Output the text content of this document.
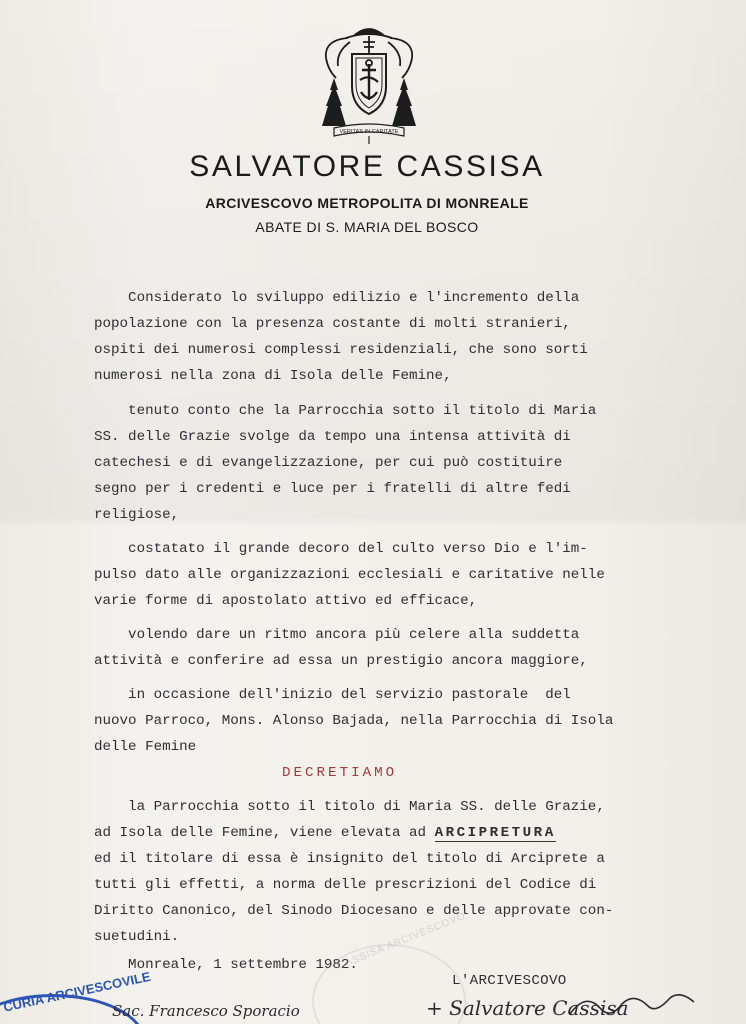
VERITAS IN CARITATE
SALVATORE CASSISA
ARCIVESCOVO METROPOLITA DI MONREALE
ABATE DI S. MARIA DEL BOSCO
Considerato lo sviluppo edilizio e l'incremento della
popolazione con la presenza costante di molti stranieri,
ospiti dei numerosi complessi residenziali, che sono sorti
numerosi nella zona di Isola delle Femine,
tenuto conto che la Parrocchia sotto il titolo di Maria
SS. delle Grazie svolge da tempo una intensa attività di
catechesi e di evangelizzazione, per cui può costituire
segno per i credenti e luce per i fratelli di altre fedi
religiose,
costatato il grande decoro del culto verso Dio e l'im-
pulso dato alle organizzazioni ecclesiali e caritative nelle
varie forme di apostolato attivo ed efficace,
volendo dare un ritmo ancora più celere alla suddetta
attività e conferire ad essa un prestigio ancora maggiore,
in occasione dell'inizio del servizio pastorale  del
nuovo Parroco, Mons. Alonso Bajada, nella Parrocchia di Isola
delle Femine
DECRETIAMO
la Parrocchia sotto il titolo di Maria SS. delle Grazie,
ad Isola delle Femine, viene elevata ad ARCIPRETURA
ed il titolare di essa è insignito del titolo di Arciprete a
tutti gli effetti, a norma delle prescrizioni del Codice di
Diritto Canonico, del Sinodo Diocesano e delle approvate con-
suetudini.
Monreale, 1 settembre 1982.
CASSISA ARCIVESCOVO
L'ARCIVESCOVO
+ Salvatore Cassisa
CURIA ARCIVESCOVILE
Sac. Francesco Sporacio
